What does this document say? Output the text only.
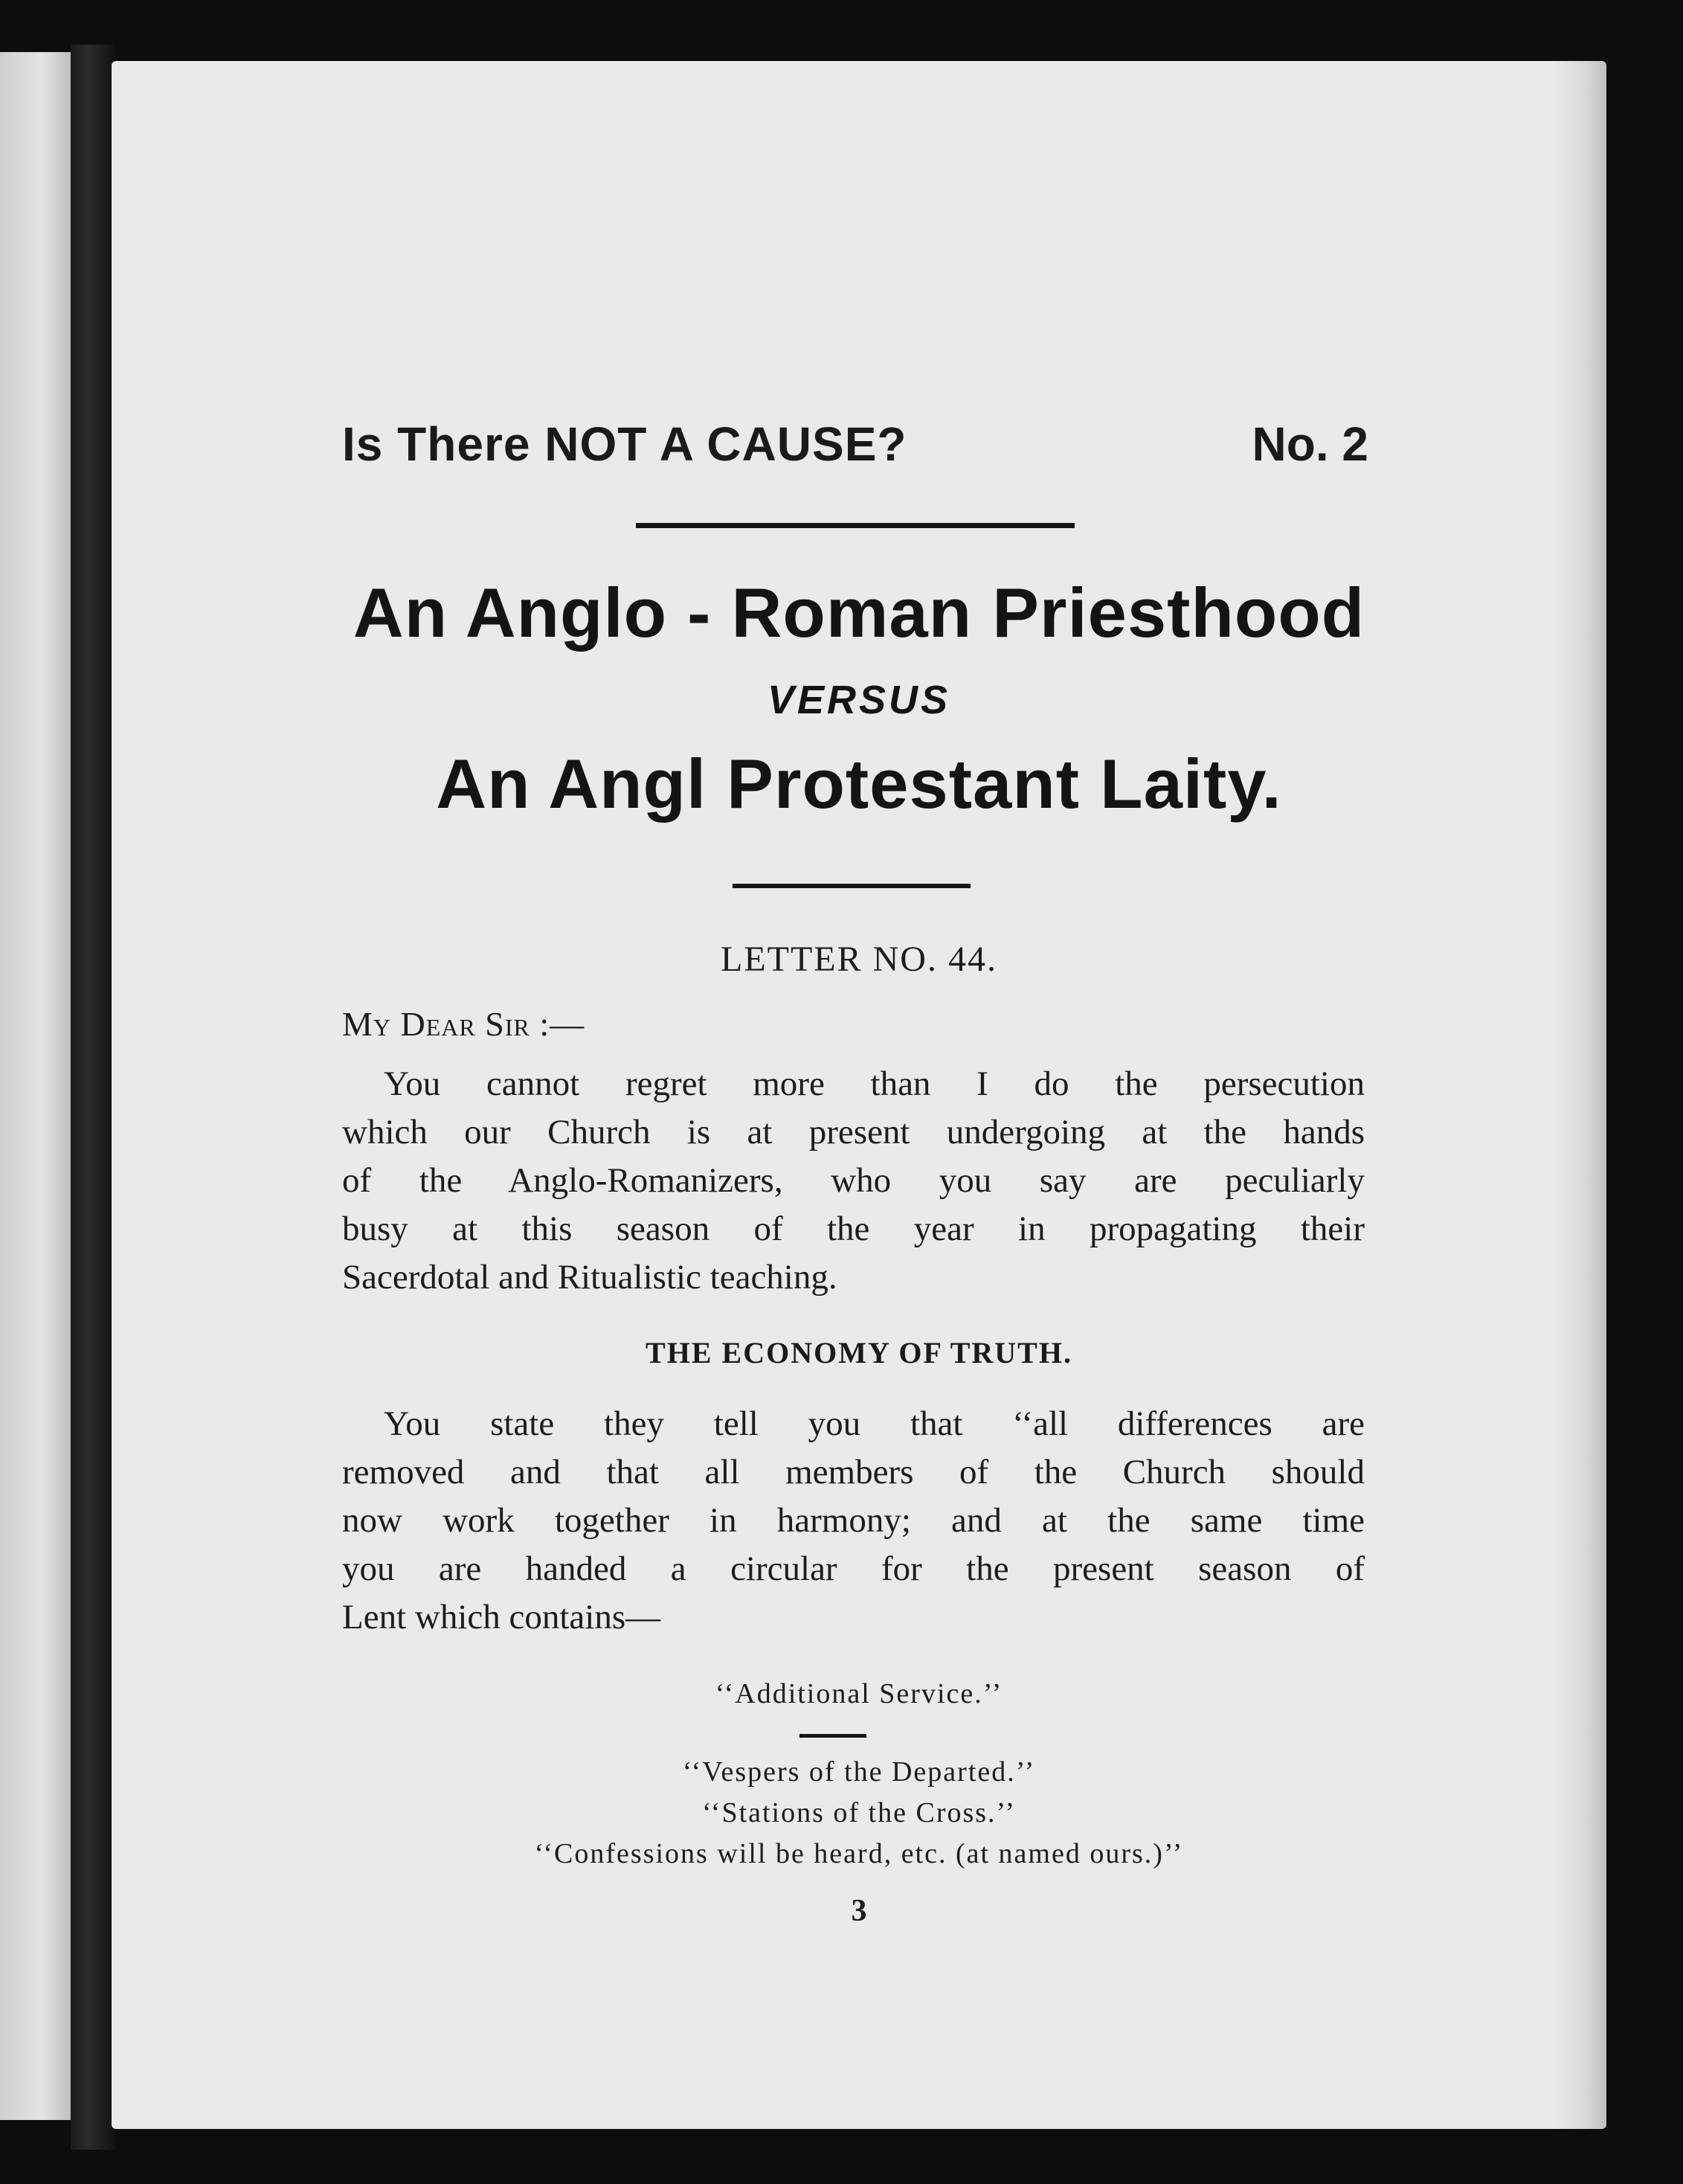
Is There NOT A CAUSE?	No. 2
An Anglo - Roman Priesthood
VERSUS
An Angl Protestant Laity.
LETTER NO. 44.
My Dear Sir :—
You cannot regret more than I do the persecution
which our Church is at present undergoing at the hands
of the Anglo-Romanizers, who you say are peculiarly
busy at this season of the year in propagating their
Sacerdotal and Ritualistic teaching.
THE ECONOMY OF TRUTH.
You state they tell you that ‘‘all differences are
removed and that all members of the Church should
now work together in harmony; and at the same time
you are handed a circular for the present season of
Lent which contains—
‘‘Additional Service.’’
‘‘Vespers of the Departed.’’
‘‘Stations of the Cross.’’
‘‘Confessions will be heard, etc. (at named ours.)’’
3
